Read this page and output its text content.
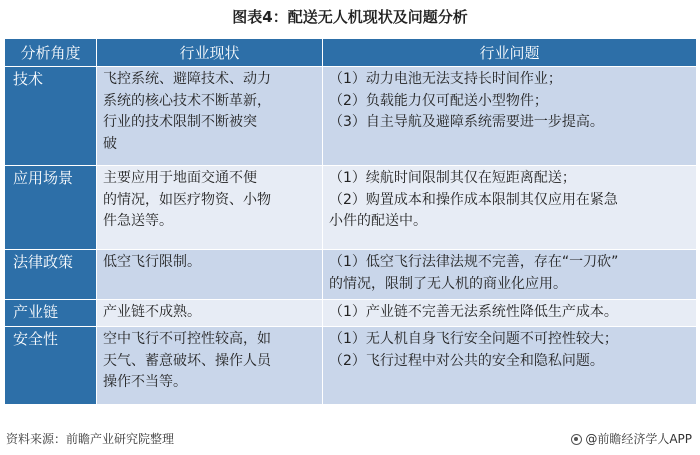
图表4：配送无人机现状及问题分析
分析角度	行业现状	行业问题
技术	飞控系统、避障技术、动力
系统的核心技术不断革新，
行业的技术限制不断被突
破	（1）动力电池无法支持长时间作业；
（2）负载能力仅可配送小型物件；
（3）自主导航及避障系统需要进一步提高。

应用场景	主要应用于地面交通不便
的情况，如医疗物资、小物
件急送等。	（1）续航时间限制其仅在短距离配送；
（2）购置成本和操作成本限制其仅应用在紧急
小件的配送中。

法律政策	低空飞行限制。	（1）低空飞行法律法规不完善，存在“一刀砍”
的情况，限制了无人机的商业化应用。

产业链	产业链不成熟。	（1）产业链不完善无法系统性降低生产成本。

安全性	空中飞行不可控性较高，如
天气、蓄意破坏、操作人员
操作不当等。	（1）无人机自身飞行安全问题不可控性较大；
（2）飞行过程中对公共的安全和隐私问题。
资料来源：前瞻产业研究院整理	@前瞻经济学人APP
